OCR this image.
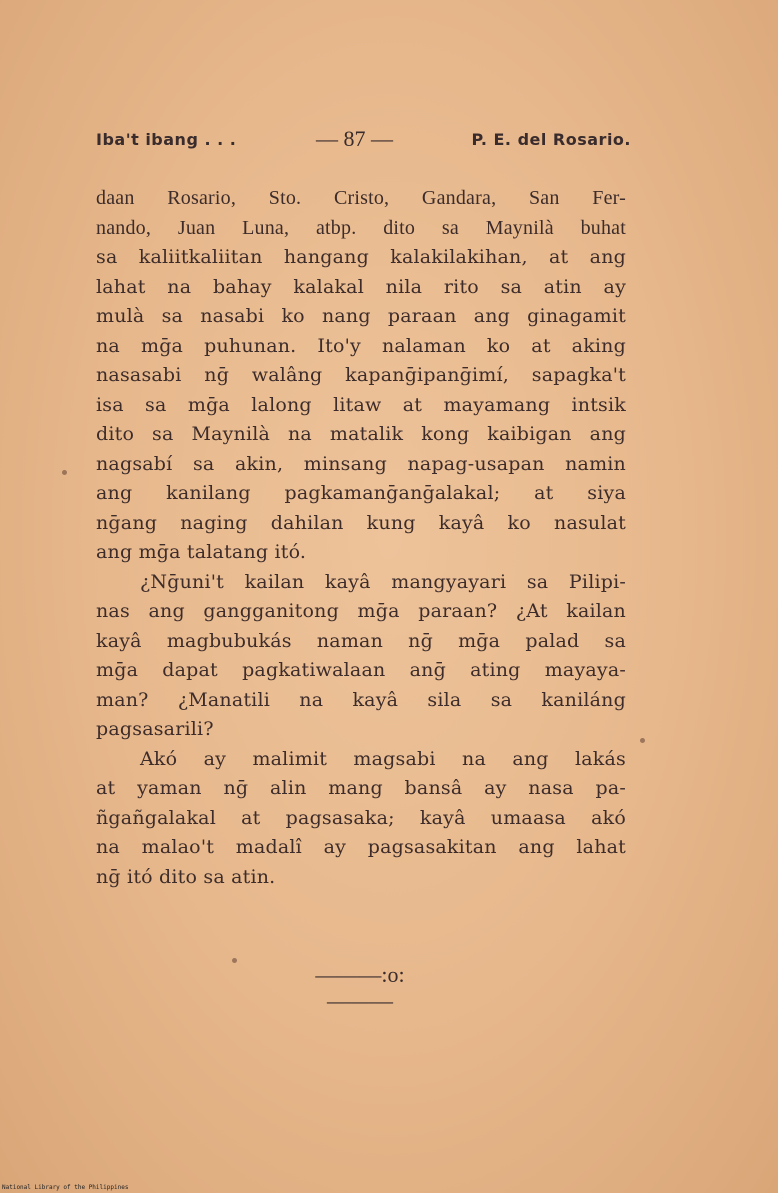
Iba't ibang . . .	— 87 —	P. E. del Rosario.
daan Rosario, Sto. Cristo, Gandara, San Fer-
nando, Juan Luna, atbp. dito sa Maynilà buhat
sa kaliitkaliitan hangang kalakilakihan, at ang
lahat na bahay kalakal nila rito sa atin ay
mulà sa nasabi ko nang paraan ang ginagamit
na mḡa puhunan. Ito'y nalaman ko at aking
nasasabi nḡ walâng kapanḡipanḡimí, sapagka't
isa sa mḡa lalong litaw at mayamang intsik
dito sa Maynilà na matalik kong kaibigan ang
nagsabí sa akin, minsang napag-usapan namin
ang kanilang pagkamanḡanḡalakal; at siya
nḡang naging dahilan kung kayâ ko nasulat
ang mḡa talatang itó.
¿Nḡuni't kailan kayâ mangyayari sa Pilipi-
nas ang gangganitong mḡa paraan? ¿At kailan
kayâ magbubukás naman nḡ mḡa palad sa
mḡa dapat pagkatiwalaan anḡ ating mayaya-
man? ¿Manatili na kayâ sila sa kaniláng
pagsasarili?
Akó ay malimit magsabi na ang lakás
at yaman nḡ alin mang bansâ ay nasa pa-
ñgañgalakal at pagsasaka; kayâ umaasa akó
na malao't madalî ay pagsasakitan ang lahat
nḡ itó dito sa atin.
———:o:———
National Library of the Philippines
